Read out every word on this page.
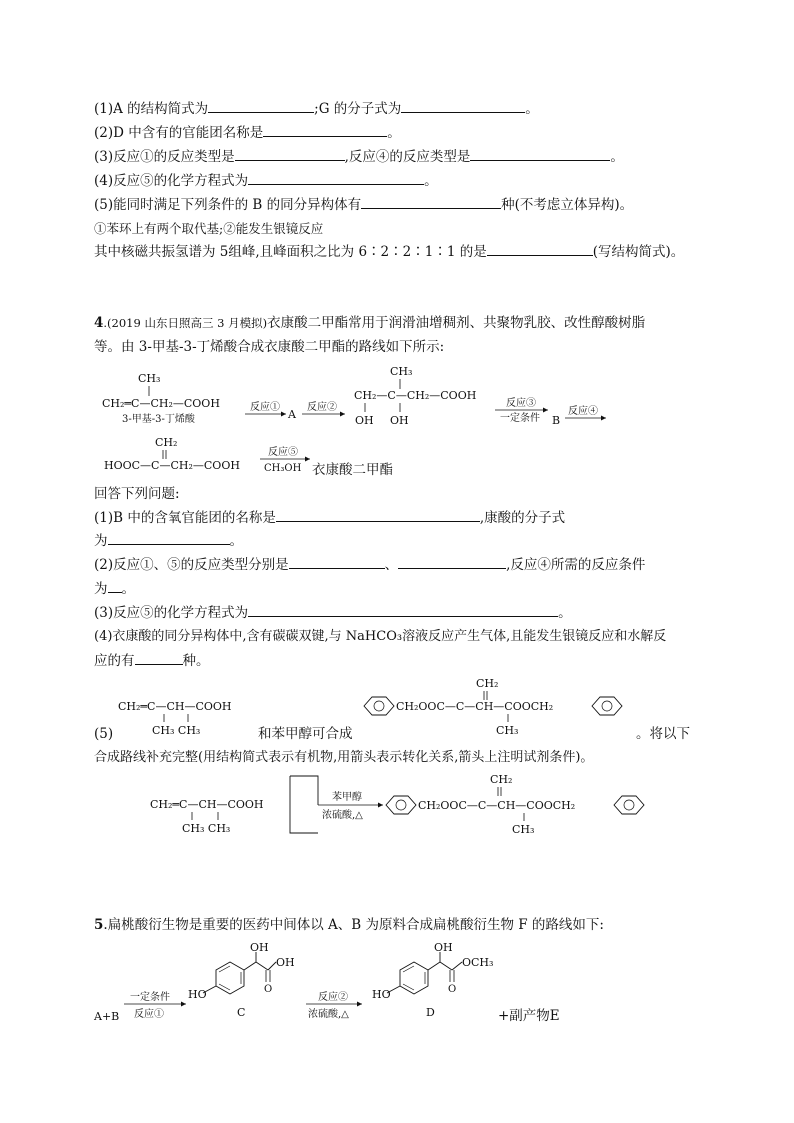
(1)A 的结构简式为	;G 的分子式为	。
(2)D 中含有的官能团名称是	。
(3)反应①的反应类型是	,反应④的反应类型是	。
(4)反应⑤的化学方程式为	。
(5)能同时满足下列条件的 B 的同分异构体有	种(不考虑立体异构)。
①苯环上有两个取代基;②能发生银镜反应
其中核磁共振氢谱为 5组峰,且峰面积之比为 6∶2∶2∶1∶1 的是	(写结构简式)。
4.(2019 山东日照高三 3 月模拟)衣康酸二甲酯常用于润滑油增稠剂、共聚物乳胶、改性醇酸树脂
等。由 3-甲基-3-丁烯酸合成衣康酸二甲酯的路线如下所示:
CH₃
CH₂═C—CH₂—COOH
3-甲基-3-丁烯酸
反应①
A
反应②
CH₃
CH₂—C—CH₂—COOH
OH OH
反应③
一定条件 B
反应④
CH₂
HOOC—C—CH₂—COOH
反应⑤
CH₃OH 衣康酸二甲酯
回答下列问题:
(1)B 中的含氧官能团的名称是	,康酸的分子式
为	。
(2)反应①、⑤的反应类型分别是	、	,反应④所需的反应条件
为 。
(3)反应⑤的化学方程式为	。
(4)衣康酸的同分异构体中,含有碳碳双键,与 NaHCO₃溶液反应产生气体,且能发生银镜反应和水解反
应的有	种。
CH₂═C—CH—COOH
CH₃ CH₃
CH₂
CH₂OOC—C—CH—COOCH₂
CH₃
(5)	和苯甲醇可合成	。将以下
合成路线补充完整(用结构简式表示有机物,用箭头表示转化关系,箭头上注明试剂条件)。
CH₂═C—CH—COOH
CH₃ CH₃
苯甲醇
浓硫酸,△
CH₂
CH₂OOC—C—CH—COOCH₂
CH₃
5.扁桃酸衍生物是重要的医药中间体以 A、B 为原料合成扁桃酸衍生物 F 的路线如下:
A+B
一定条件
反应①
HO
OH
OH
O
C
反应②
浓硫酸,△
HO
OH
OCH₃
O
D	+副产物E
